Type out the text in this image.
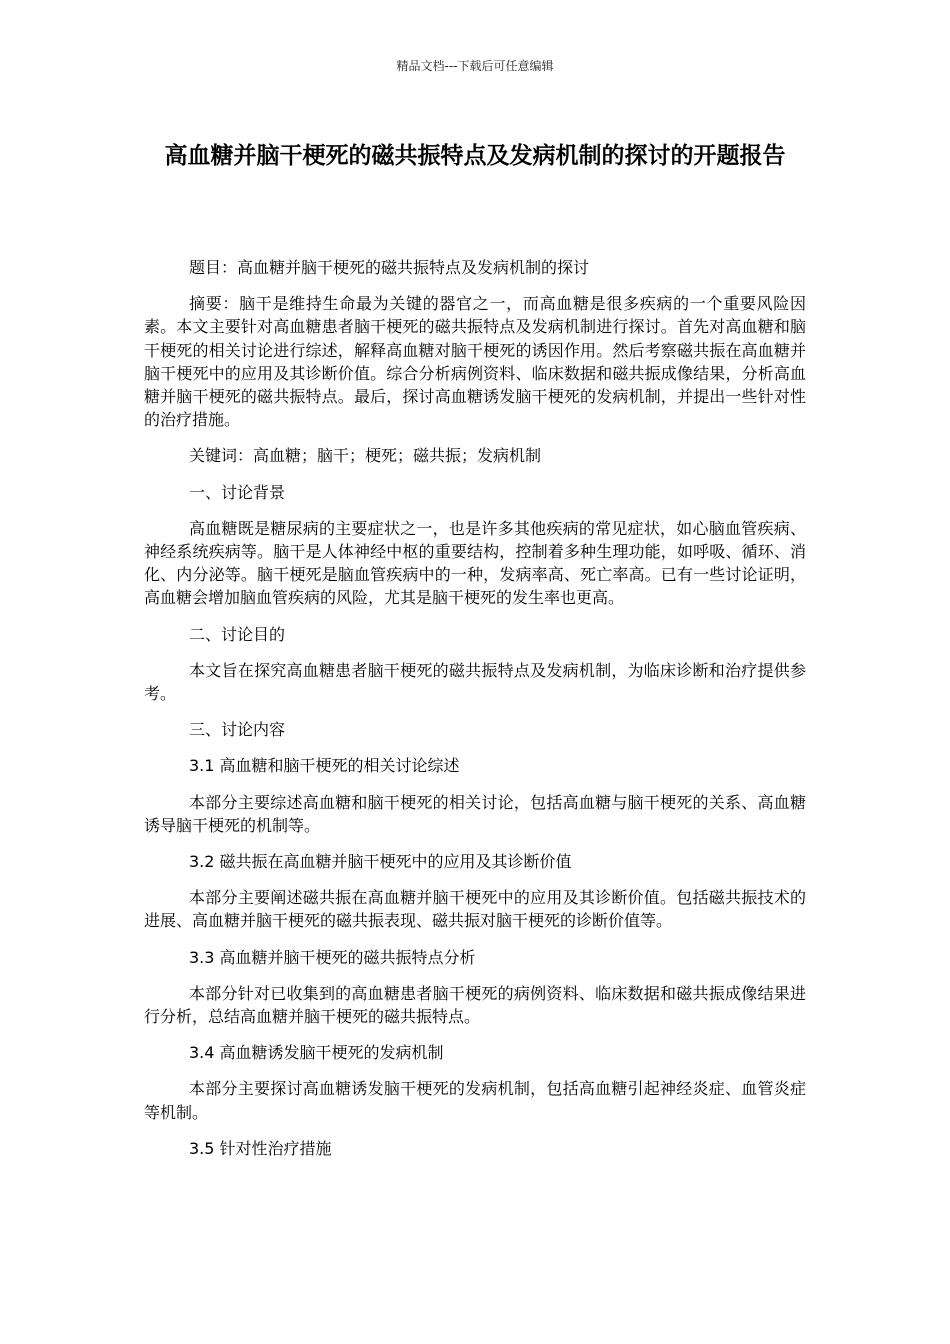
精品文档---下载后可任意编辑
高血糖并脑干梗死的磁共振特点及发病机制的探讨的开题报告

题目：高血糖并脑干梗死的磁共振特点及发病机制的探讨

摘要：脑干是维持生命最为关键的器官之一，而高血糖是很多疾病的一个重要风险因素。本文主要针对高血糖患者脑干梗死的磁共振特点及发病机制进行探讨。首先对高血糖和脑干梗死的相关讨论进行综述，解释高血糖对脑干梗死的诱因作用。然后考察磁共振在高血糖并脑干梗死中的应用及其诊断价值。综合分析病例资料、临床数据和磁共振成像结果，分析高血糖并脑干梗死的磁共振特点。最后，探讨高血糖诱发脑干梗死的发病机制，并提出一些针对性的治疗措施。

关键词：高血糖；脑干；梗死；磁共振；发病机制

一、讨论背景

高血糖既是糖尿病的主要症状之一，也是许多其他疾病的常见症状，如心脑血管疾病、神经系统疾病等。脑干是人体神经中枢的重要结构，控制着多种生理功能，如呼吸、循环、消化、内分泌等。脑干梗死是脑血管疾病中的一种，发病率高、死亡率高。已有一些讨论证明，高血糖会增加脑血管疾病的风险，尤其是脑干梗死的发生率也更高。

二、讨论目的

本文旨在探究高血糖患者脑干梗死的磁共振特点及发病机制，为临床诊断和治疗提供参考。

三、讨论内容

3.1 高血糖和脑干梗死的相关讨论综述

本部分主要综述高血糖和脑干梗死的相关讨论，包括高血糖与脑干梗死的关系、高血糖诱导脑干梗死的机制等。

3.2 磁共振在高血糖并脑干梗死中的应用及其诊断价值

本部分主要阐述磁共振在高血糖并脑干梗死中的应用及其诊断价值。包括磁共振技术的进展、高血糖并脑干梗死的磁共振表现、磁共振对脑干梗死的诊断价值等。

3.3 高血糖并脑干梗死的磁共振特点分析

本部分针对已收集到的高血糖患者脑干梗死的病例资料、临床数据和磁共振成像结果进行分析，总结高血糖并脑干梗死的磁共振特点。

3.4 高血糖诱发脑干梗死的发病机制

本部分主要探讨高血糖诱发脑干梗死的发病机制，包括高血糖引起神经炎症、血管炎症等机制。

3.5 针对性治疗措施
